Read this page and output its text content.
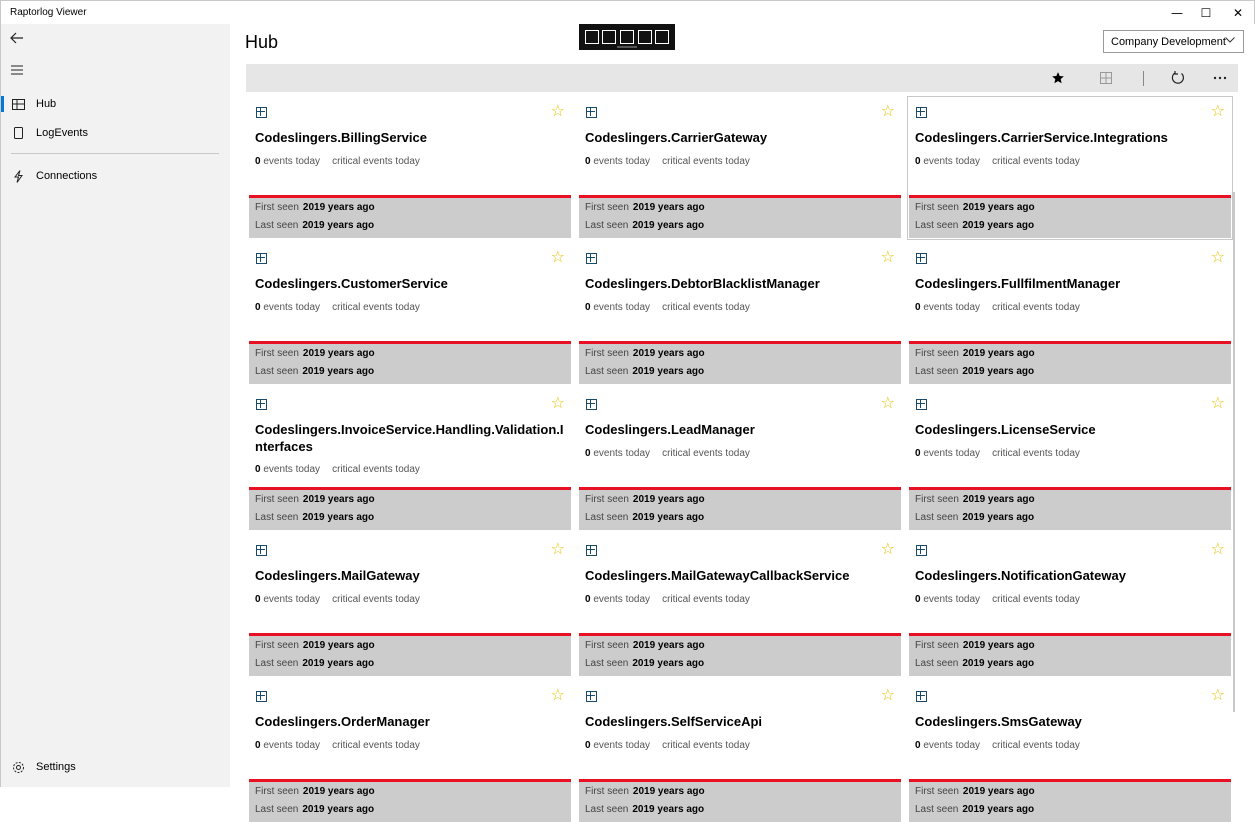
Raptorlog Viewer	—	☐	✕
Hub
LogEvents
Connections
Settings
Hub	Company Development
☆
Codeslingers.BillingService
0 events today critical events today
First seen 2019 years ago
Last seen 2019 years ago
☆
Codeslingers.CarrierGateway
0 events today critical events today
First seen 2019 years ago
Last seen 2019 years ago
☆
Codeslingers.CarrierService.Integrations
0 events today critical events today
First seen 2019 years ago
Last seen 2019 years ago
☆
Codeslingers.CustomerService
0 events today critical events today
First seen 2019 years ago
Last seen 2019 years ago
☆
Codeslingers.DebtorBlacklistManager
0 events today critical events today
First seen 2019 years ago
Last seen 2019 years ago
☆
Codeslingers.FullfilmentManager
0 events today critical events today
First seen 2019 years ago
Last seen 2019 years ago
☆
Codeslingers.InvoiceService.Handling.Validation.Interfaces
0 events today critical events today
First seen 2019 years ago
Last seen 2019 years ago
☆
Codeslingers.LeadManager
0 events today critical events today
First seen 2019 years ago
Last seen 2019 years ago
☆
Codeslingers.LicenseService
0 events today critical events today
First seen 2019 years ago
Last seen 2019 years ago
☆
Codeslingers.MailGateway
0 events today critical events today
First seen 2019 years ago
Last seen 2019 years ago
☆
Codeslingers.MailGatewayCallbackService
0 events today critical events today
First seen 2019 years ago
Last seen 2019 years ago
☆
Codeslingers.NotificationGateway
0 events today critical events today
First seen 2019 years ago
Last seen 2019 years ago
☆
Codeslingers.OrderManager
0 events today critical events today
First seen 2019 years ago
Last seen 2019 years ago
☆
Codeslingers.SelfServiceApi
0 events today critical events today
First seen 2019 years ago
Last seen 2019 years ago
☆
Codeslingers.SmsGateway
0 events today critical events today
First seen 2019 years ago
Last seen 2019 years ago
